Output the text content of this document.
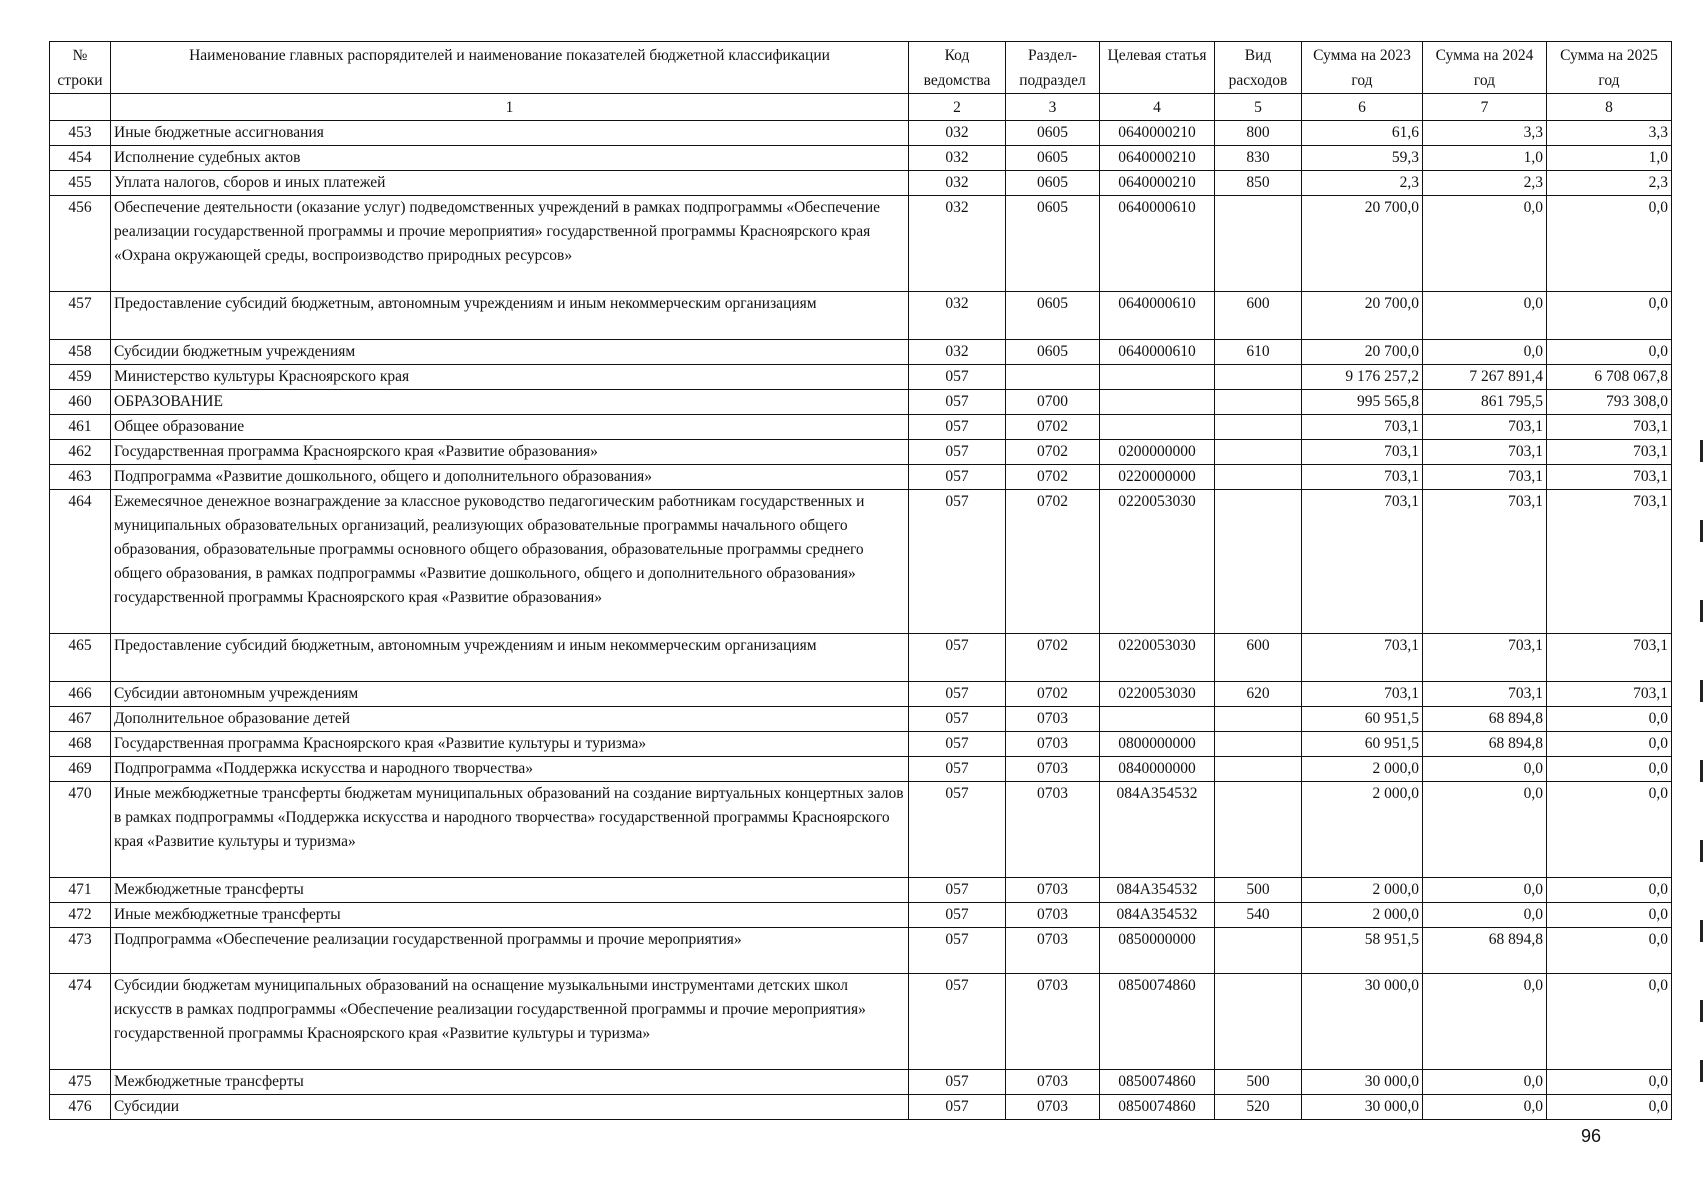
№ строки	Наименование главных распорядителей и наименование показателей бюджетной классификации	Код ведомства	Раздел-подраздел	Целевая статья	Вид расходов	Сумма на 2023 год	Сумма на 2024 год	Сумма на 2025 год
	1	2	3	4	5	6	7	8
453	Иные бюджетные ассигнования	032	0605	0640000210	800	61,6	3,3	3,3
454	Исполнение судебных актов	032	0605	0640000210	830	59,3	1,0	1,0
455	Уплата налогов, сборов и иных платежей	032	0605	0640000210	850	2,3	2,3	2,3
456	Обеспечение деятельности (оказание услуг) подведомственных учреждений в рамках подпрограммы «Обеспечение реализации государственной программы и прочие мероприятия» государственной программы Красноярского края «Охрана окружающей среды, воспроизводство природных ресурсов»	032	0605	0640000610		20 700,0	0,0	0,0
457	Предоставление субсидий бюджетным, автономным учреждениям и иным некоммерческим организациям	032	0605	0640000610	600	20 700,0	0,0	0,0
458	Субсидии бюджетным учреждениям	032	0605	0640000610	610	20 700,0	0,0	0,0
459	Министерство культуры Красноярского края	057				9 176 257,2	7 267 891,4	6 708 067,8
460	ОБРАЗОВАНИЕ	057	0700			995 565,8	861 795,5	793 308,0
461	Общее образование	057	0702			703,1	703,1	703,1
462	Государственная программа Красноярского края «Развитие образования»	057	0702	0200000000		703,1	703,1	703,1
463	Подпрограмма «Развитие дошкольного, общего и дополнительного образования»	057	0702	0220000000		703,1	703,1	703,1
464	Ежемесячное денежное вознаграждение за классное руководство педагогическим работникам государственных и муниципальных образовательных организаций, реализующих образовательные программы начального общего образования, образовательные программы основного общего образования, образовательные программы среднего общего образования, в рамках подпрограммы «Развитие дошкольного, общего и дополнительного образования» государственной программы Красноярского края «Развитие образования»	057	0702	0220053030		703,1	703,1	703,1
465	Предоставление субсидий бюджетным, автономным учреждениям и иным некоммерческим организациям	057	0702	0220053030	600	703,1	703,1	703,1
466	Субсидии автономным учреждениям	057	0702	0220053030	620	703,1	703,1	703,1
467	Дополнительное образование детей	057	0703			60 951,5	68 894,8	0,0
468	Государственная программа Красноярского края «Развитие культуры и туризма»	057	0703	0800000000		60 951,5	68 894,8	0,0
469	Подпрограмма «Поддержка искусства и народного творчества»	057	0703	0840000000		2 000,0	0,0	0,0
470	Иные межбюджетные трансферты бюджетам муниципальных образований на создание виртуальных концертных залов в рамках подпрограммы «Поддержка искусства и народного творчества» государственной программы Красноярского края «Развитие культуры и туризма»	057	0703	084A354532		2 000,0	0,0	0,0
471	Межбюджетные трансферты	057	0703	084A354532	500	2 000,0	0,0	0,0
472	Иные межбюджетные трансферты	057	0703	084A354532	540	2 000,0	0,0	0,0
473	Подпрограмма «Обеспечение реализации государственной программы и прочие мероприятия»	057	0703	0850000000		58 951,5	68 894,8	0,0
474	Субсидии бюджетам муниципальных образований на оснащение музыкальными инструментами детских школ искусств в рамках подпрограммы «Обеспечение реализации государственной программы и прочие мероприятия» государственной программы Красноярского края «Развитие культуры и туризма»	057	0703	0850074860		30 000,0	0,0	0,0
475	Межбюджетные трансферты	057	0703	0850074860	500	30 000,0	0,0	0,0
476	Субсидии	057	0703	0850074860	520	30 000,0	0,0	0,0
96
